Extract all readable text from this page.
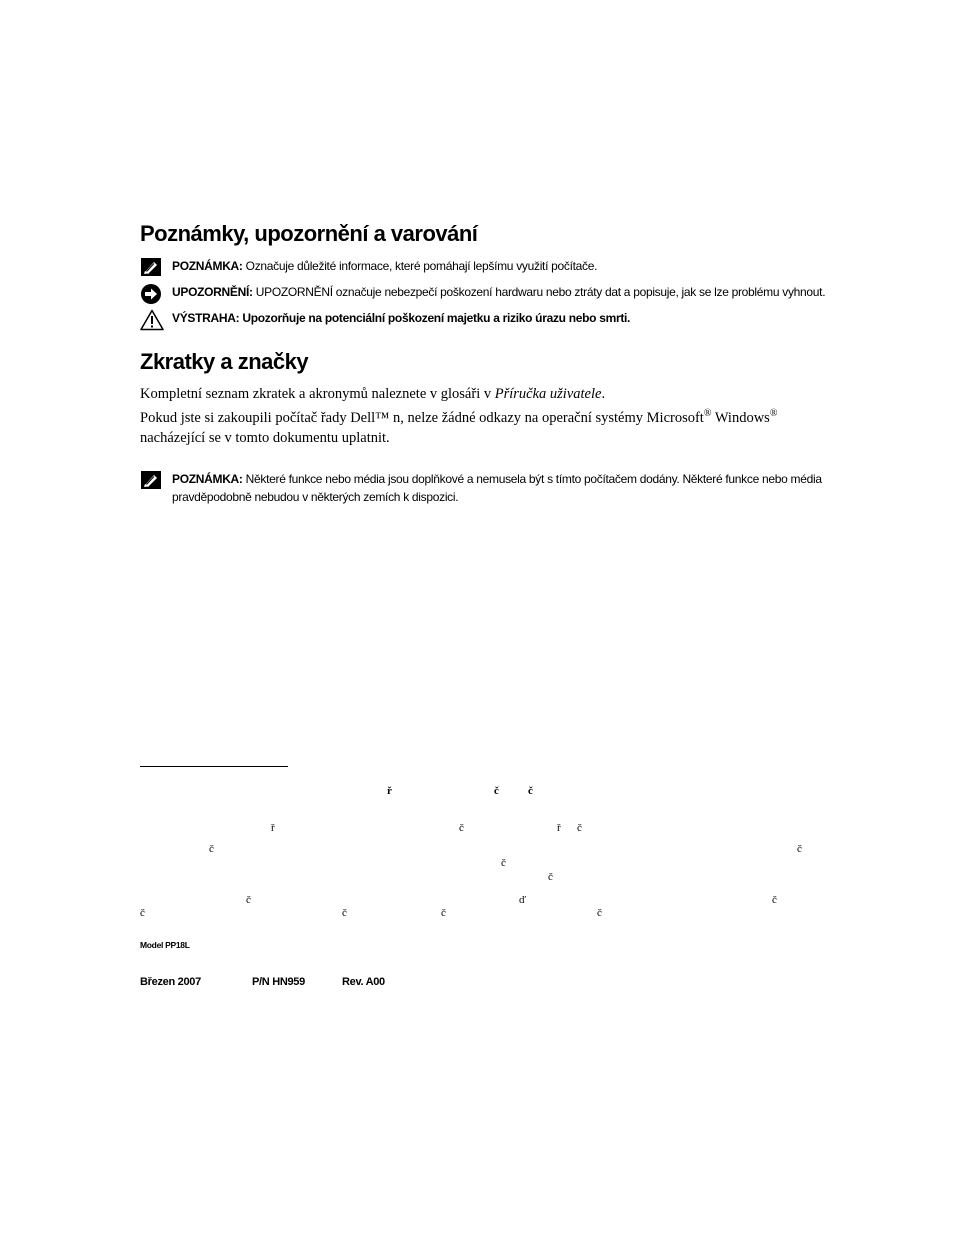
Poznámky, upozornění a varování
POZNÁMKA: Označuje důležité informace, které pomáhají lepšímu využití počítače.
UPOZORNĚNÍ: UPOZORNĚNÍ označuje nebezpečí poškození hardwaru nebo ztráty dat a popisuje, jak se lze problému vyhnout.
VÝSTRAHA: Upozorňuje na potenciální poškození majetku a riziko úrazu nebo smrti.
Zkratky a značky
Kompletní seznam zkratek a akronymů naleznete v glosáři v Příručka uživatele.
Pokud jste si zakoupili počítač řady Dell™ n, nelze žádné odkazy na operační systémy Microsoft® Windows® nacházející se v tomto dokumentu uplatnit.
POZNÁMKA: Některé funkce nebo média jsou doplňkové a nemusela být s tímto počítačem dodány. Některé funkce nebo média pravděpodobně nebudou v některých zemích k dispozici.
ř	č	č
ř	č	ř č
č	č
č
č
č	ď	č
č	č	č	č
Model PP18L
Březen 2007	P/N HN959	Rev. A00
